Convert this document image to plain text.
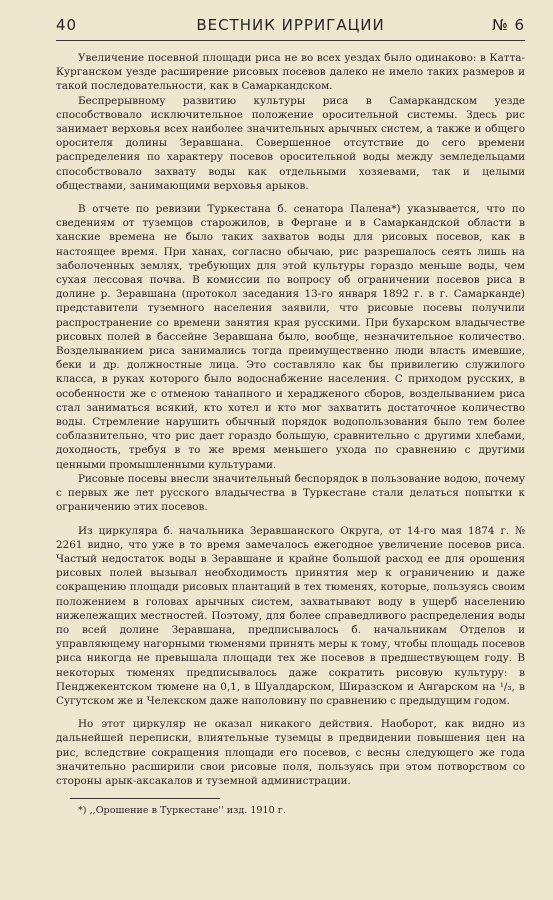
40	ВЕСТНИК ИРРИГАЦИИ	№ 6

Увеличение посевной площади риса не во всех уездах было одинаково: в Катта-Курганском уезде расширение рисовых посевов далеко не имело таких размеров и такой последовательности, как в Самаркандском.

Беспрерывному развитию культуры риса в Самаркандском уезде способствовало исключительное положение оросительной системы. Здесь рис занимает верховья всех наиболее значительных арычных систем, а также и общего оросителя долины Зеравшана. Совершенное отсутствие до сего времени распределения по характеру посевов оросительной воды между земледельцами способствовало захвату воды как отдельными хозяевами, так и целыми обществами, занимающими верховья арыков.

В отчете по ревизии Туркестана б. сенатора Палена*) указывается, что по сведениям от туземцов старожилов, в Фергане и в Самаркандской области в ханские времена не было таких захватов воды для рисовых посевов, как в настоящее время. При ханах, согласно обычаю, рис разрешалось сеять лишь на заболоченных землях, требующих для этой культуры гораздо меньше воды, чем сухая лессовая почва. В комиссии по вопросу об ограничении посевов риса в долине р. Зеравшана (протокол заседания 13-го января 1892 г. в г. Самарканде) представители туземного населения заявили, что рисовые посевы получили распространение со времени занятия края русскими. При бухарском владычестве рисовых полей в бассейне Зеравшана было, вообще, незначительное количество. Возделыванием риса занимались тогда преимущественно люди власть имевшие, беки и др. должностные лица. Это составляло как бы привилегию служилого класса, в руках которого было водоснабжение населения. С приходом русских, в особенности же с отменою танапного и херадженого сборов, возделыванием риса стал заниматься всякий, кто хотел и кто мог захватить достаточное количество воды. Стремление нарушить обычный порядок водопользования было тем более соблазнительно, что рис дает гораздо большую, сравнительно с другими хлебами, доходность, требуя в то же время меньшего ухода по сравнению с другими ценными промышленными культурами.

Рисовые посевы внесли значительный беспорядок в пользование водою, почему с первых же лет русского владычества в Туркестане стали делаться попытки к ограничению этих посевов.

Из циркуляра б. начальника Зеравшанского Округа, от 14-го мая 1874 г. № 2261 видно, что уже в то время замечалось ежегодное увеличение посевов риса. Частый недостаток воды в Зеравшане и крайне большой расход ее для орошения рисовых полей вызывал необходимость принятия мер к ограничению и даже сокращению площади рисовых плантаций в тех тюменях, которые, пользуясь своим положением в головах арычных систем, захватывают воду в ущерб населению нижележащих местностей. Поэтому, для более справедливого распределения воды по всей долине Зеравшана, предписывалось б. начальникам Отделов и управляющему нагорными тюменями принять меры к тому, чтобы площадь посевов риса никогда не превышала площади тех же посевов в предшествующем году. В некоторых тюменях предписывалось даже сократить рисовую культуру: в Пенджекентском тюмене на 0,1, в Шуалдарском, Ширазском и Ангарском на ¹/₃, в Сугутском же и Челекском даже наполовину по сравнению с предыдущим годом.

Но этот циркуляр не оказал никакого действия. Наоборот, как видно из дальнейшей переписки, влиятельные туземцы в предвидении повышения цен на рис, вследствие сокращения площади его посевов, с весны следующего же года значительно расширили свои рисовые поля, пользуясь при этом потворством со стороны арык-аксакалов и туземной администрации.

*) ,,Орошение в Туркестане'' изд. 1910 г.
